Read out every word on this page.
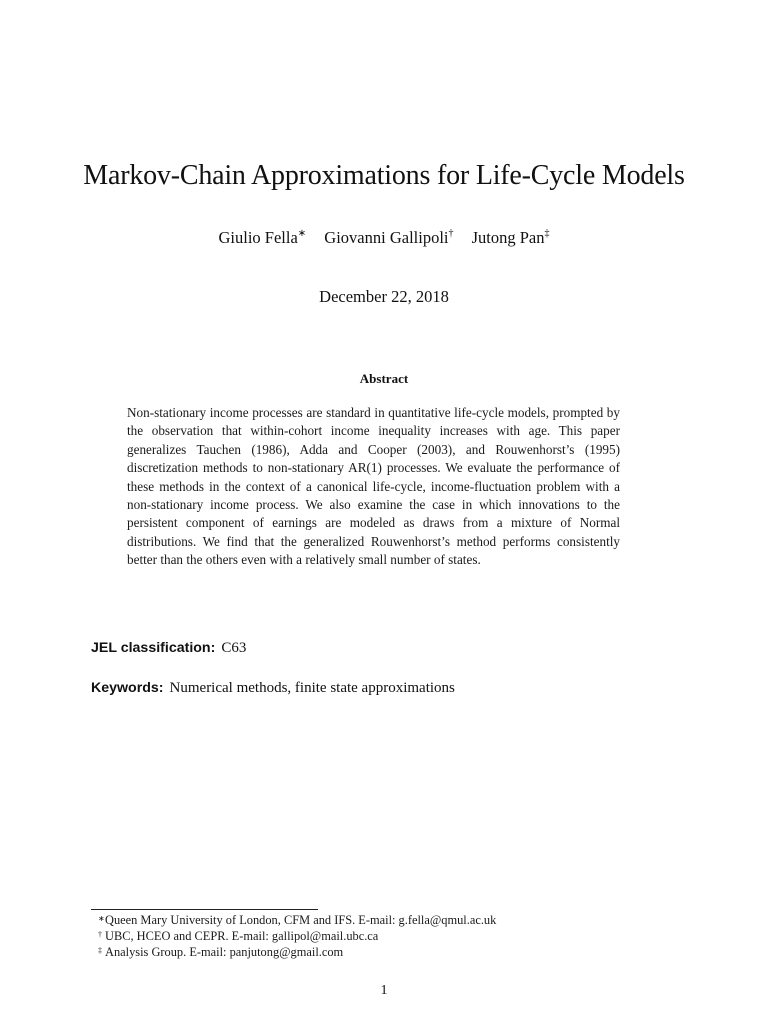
Markov-Chain Approximations for Life-Cycle Models
Giulio Fella∗ Giovanni Gallipoli† Jutong Pan‡
December 22, 2018
Abstract
Non-stationary income processes are standard in quantitative life-cycle models, prompted by the observation that within-cohort income inequality increases with age. This paper generalizes Tauchen (1986), Adda and Cooper (2003), and Rouwenhorst’s (1995) discretization methods to non-stationary AR(1) processes. We evaluate the performance of these methods in the context of a canonical life-cycle, income-fluctuation problem with a non-stationary income process. We also examine the case in which innovations to the persistent component of earnings are modeled as draws from a mixture of Normal distributions. We find that the generalized Rouwenhorst’s method performs consistently better than the others even with a relatively small number of states.
JEL classification: C63
Keywords: Numerical methods, finite state approximations
∗ Queen Mary University of London, CFM and IFS. E-mail: g.fella@qmul.ac.uk
† UBC, HCEO and CEPR. E-mail: gallipol@mail.ubc.ca
‡ Analysis Group. E-mail: panjutong@gmail.com
1
